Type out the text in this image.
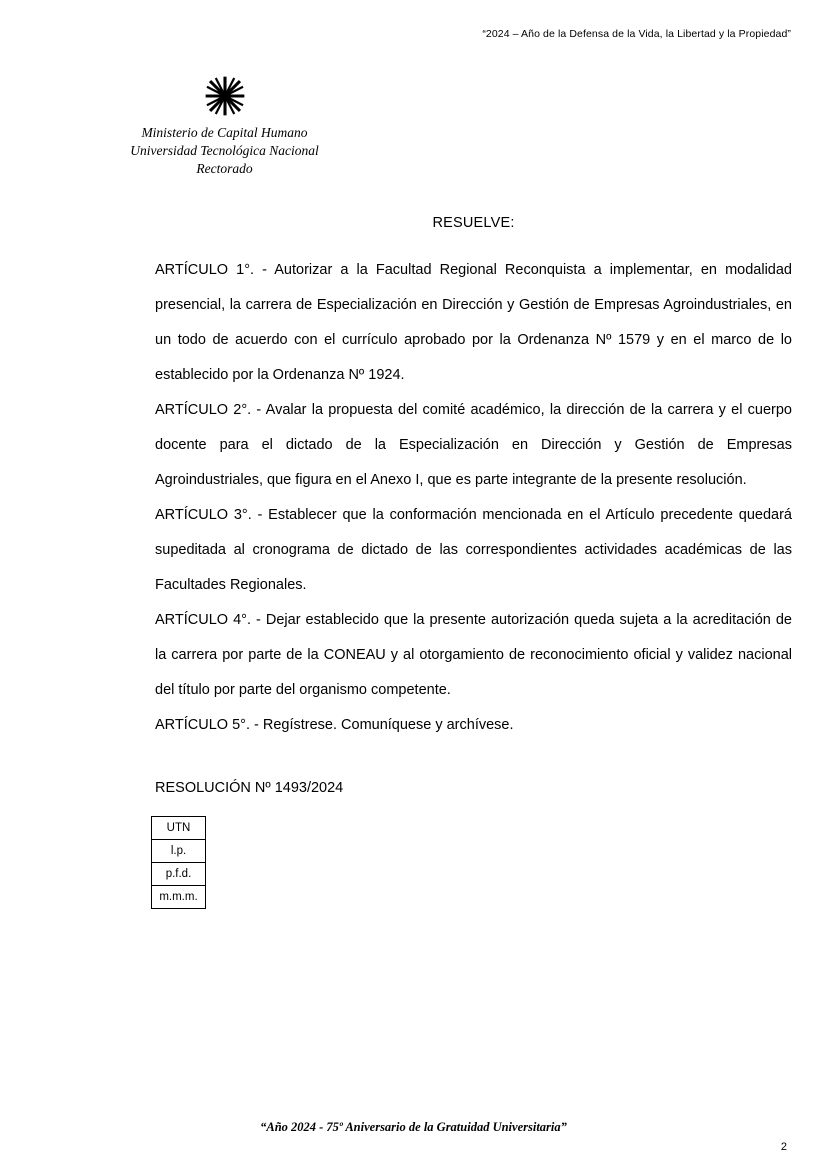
“2024 – Año de la Defensa de la Vida, la Libertad y la Propiedad”
Ministerio de Capital Humano
Universidad Tecnológica Nacional
Rectorado

RESUELVE:

ARTÍCULO 1°. - Autorizar a la Facultad Regional Reconquista a implementar, en modalidad presencial, la carrera de Especialización en Dirección y Gestión de Empresas Agroindustriales, en un todo de acuerdo con el currículo aprobado por la Ordenanza Nº 1579 y en el marco de lo establecido por la Ordenanza Nº 1924.

ARTÍCULO 2°. - Avalar la propuesta del comité académico, la dirección de la carrera y el cuerpo docente para el dictado de la Especialización en Dirección y Gestión de Empresas Agroindustriales, que figura en el Anexo I, que es parte integrante de la presente resolución.

ARTÍCULO 3°. - Establecer que la conformación mencionada en el Artículo precedente quedará supeditada al cronograma de dictado de las correspondientes actividades académicas de las Facultades Regionales.

ARTÍCULO 4°. - Dejar establecido que la presente autorización queda sujeta a la acreditación de la carrera por parte de la CONEAU y al otorgamiento de reconocimiento oficial y validez nacional del título por parte del organismo competente.

ARTÍCULO 5°. - Regístrese. Comuníquese y archívese.

RESOLUCIÓN Nº 1493/2024
UTN
l.p.
p.f.d.
m.m.m.
“Año 2024 - 75º Aniversario de la Gratuidad Universitaria”
2
